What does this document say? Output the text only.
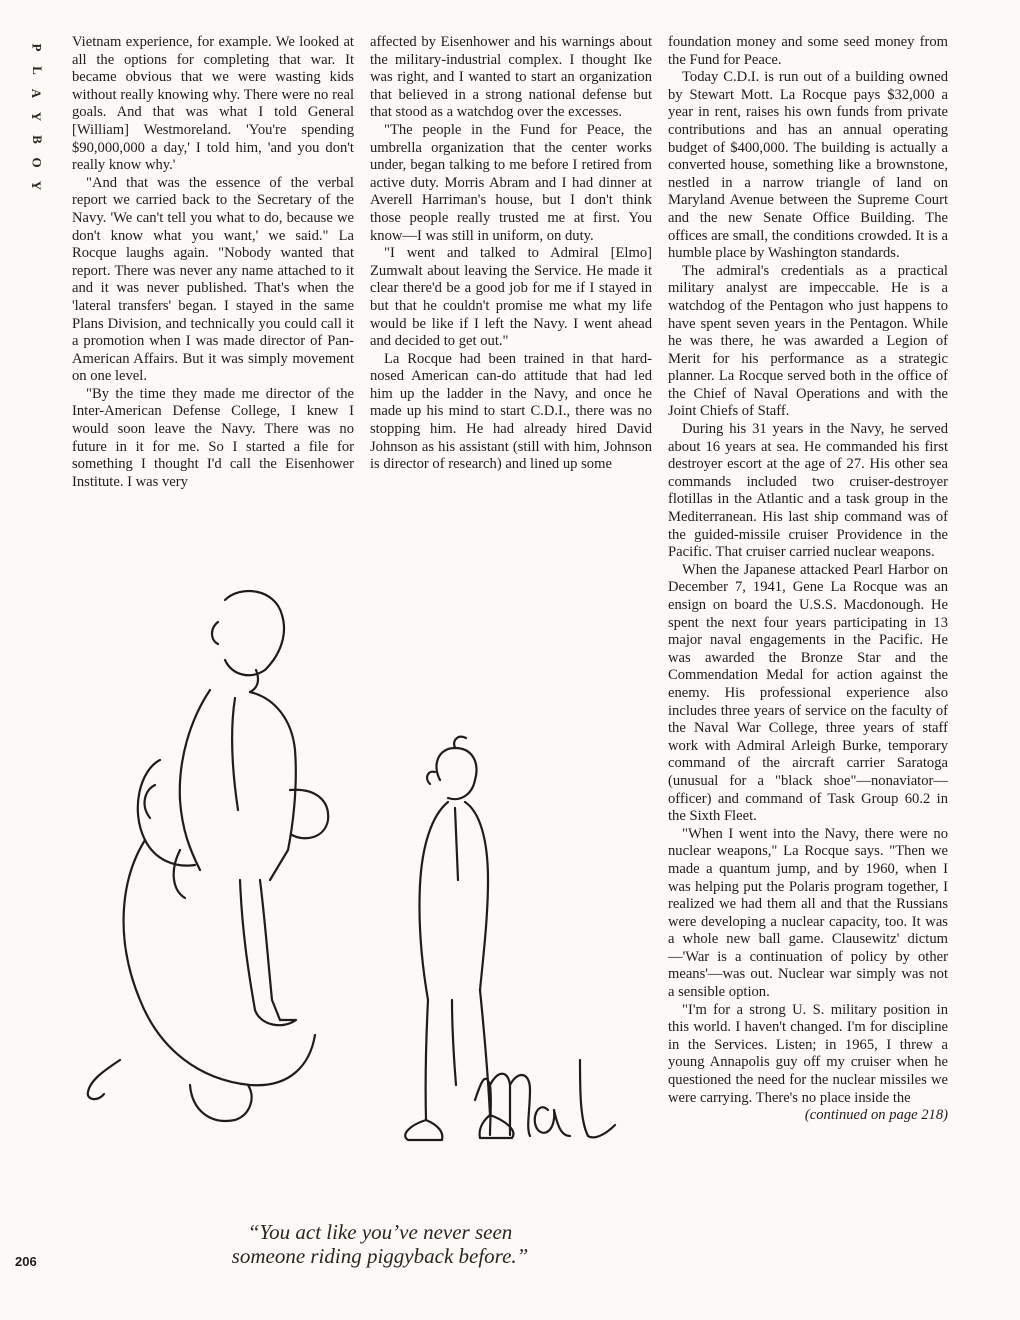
P
L
A
Y
B
O
Y

Vietnam experience, for example. We looked at all the options for completing that war. It became obvious that we were wasting kids without really knowing why. There were no real goals. And that was what I told General [William] Westmoreland. 'You're spending $90,000,000 a day,' I told him, 'and you don't really know why.'

"And that was the essence of the verbal report we carried back to the Secretary of the Navy. 'We can't tell you what to do, because we don't know what you want,' we said." La Rocque laughs again. "Nobody wanted that report. There was never any name attached to it and it was never published. That's when the 'lateral transfers' began. I stayed in the same Plans Division, and technically you could call it a promotion when I was made director of Pan-American Affairs. But it was simply movement on one level.

"By the time they made me director of the Inter-American Defense College, I knew I would soon leave the Navy. There was no future in it for me. So I started a file for something I thought I'd call the Eisenhower Institute. I was very

affected by Eisenhower and his warnings about the military-industrial complex. I thought Ike was right, and I wanted to start an organization that believed in a strong national defense but that stood as a watchdog over the excesses.

"The people in the Fund for Peace, the umbrella organization that the center works under, began talking to me before I retired from active duty. Morris Abram and I had dinner at Averell Harriman's house, but I don't think those people really trusted me at first. You know—I was still in uniform, on duty.

"I went and talked to Admiral [Elmo] Zumwalt about leaving the Service. He made it clear there'd be a good job for me if I stayed in but that he couldn't promise me what my life would be like if I left the Navy. I went ahead and decided to get out."

La Rocque had been trained in that hard-nosed American can-do attitude that had led him up the ladder in the Navy, and once he made up his mind to start C.D.I., there was no stopping him. He had already hired David Johnson as his assistant (still with him, Johnson is director of research) and lined up some

foundation money and some seed money from the Fund for Peace.

Today C.D.I. is run out of a building owned by Stewart Mott. La Rocque pays $32,000 a year in rent, raises his own funds from private contributions and has an annual operating budget of $400,000. The building is actually a converted house, something like a brownstone, nestled in a narrow triangle of land on Maryland Avenue between the Supreme Court and the new Senate Office Building. The offices are small, the conditions crowded. It is a humble place by Washington standards.

The admiral's credentials as a practical military analyst are impeccable. He is a watchdog of the Pentagon who just happens to have spent seven years in the Pentagon. While he was there, he was awarded a Legion of Merit for his performance as a strategic planner. La Rocque served both in the office of the Chief of Naval Operations and with the Joint Chiefs of Staff.

During his 31 years in the Navy, he served about 16 years at sea. He commanded his first destroyer escort at the age of 27. His other sea commands included two cruiser-destroyer flotillas in the Atlantic and a task group in the Mediterranean. His last ship command was of the guided-missile cruiser Providence in the Pacific. That cruiser carried nuclear weapons.

When the Japanese attacked Pearl Harbor on December 7, 1941, Gene La Rocque was an ensign on board the U.S.S. Macdonough. He spent the next four years participating in 13 major naval engagements in the Pacific. He was awarded the Bronze Star and the Commendation Medal for action against the enemy. His professional experience also includes three years of service on the faculty of the Naval War College, three years of staff work with Admiral Arleigh Burke, temporary command of the aircraft carrier Saratoga (unusual for a "black shoe"—nonaviator—officer) and command of Task Group 60.2 in the Sixth Fleet.

"When I went into the Navy, there were no nuclear weapons," La Rocque says. "Then we made a quantum jump, and by 1960, when I was helping put the Polaris program together, I realized we had them all and that the Russians were developing a nuclear capacity, too. It was a whole new ball game. Clausewitz' dictum—'War is a continuation of policy by other means'—was out. Nuclear war simply was not a sensible option.

"I'm for a strong U. S. military position in this world. I haven't changed. I'm for discipline in the Services. Listen; in 1965, I threw a young Annapolis guy off my cruiser when he questioned the need for the nuclear missiles we were carrying. There's no place inside the

(continued on page 218)

“You act like you’ve never seen
someone riding piggyback before.”
206
